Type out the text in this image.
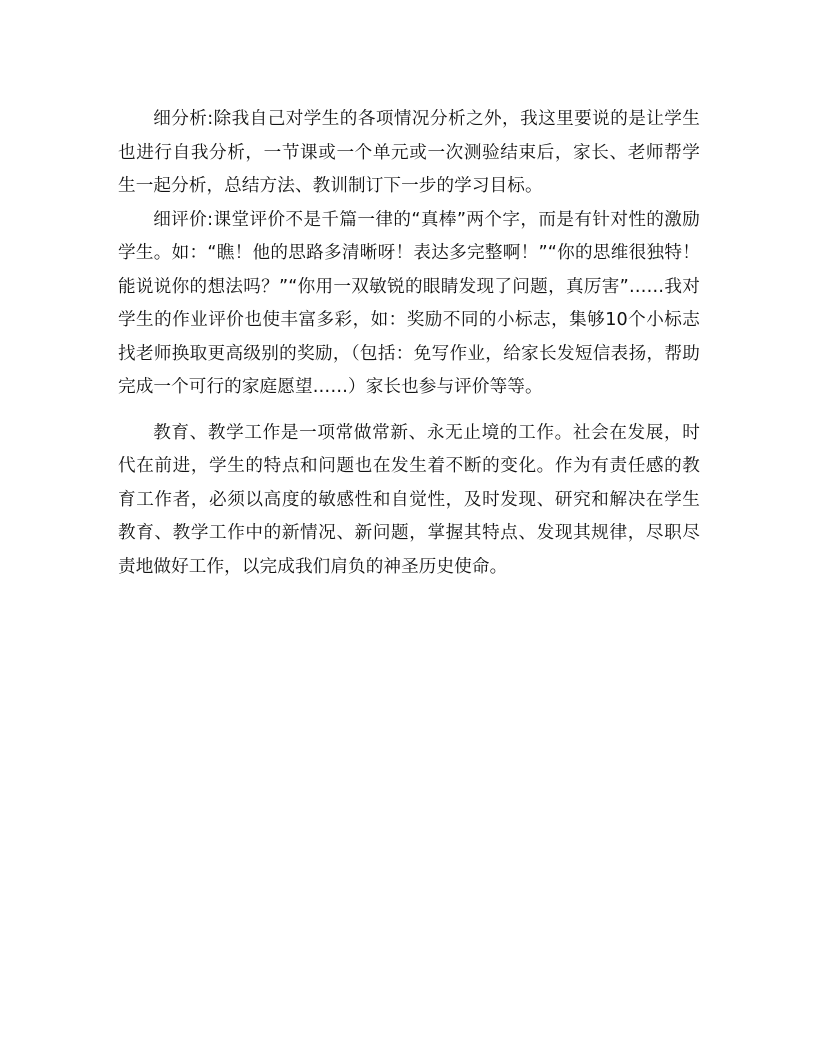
细分析:除我自己对学生的各项情况分析之外，我这里要说的是让学生也进行自我分析，一节课或一个单元或一次测验结束后，家长、老师帮学生一起分析，总结方法、教训制订下一步的学习目标。

细评价:课堂评价不是千篇一律的“真棒”两个字，而是有针对性的激励学生。如：“瞧！他的思路多清晰呀！表达多完整啊！”“你的思维很独特！能说说你的想法吗？”“你用一双敏锐的眼睛发现了问题，真厉害”……我对学生的作业评价也使丰富多彩，如：奖励不同的小标志，集够10个小标志找老师换取更高级别的奖励，（包括：免写作业，给家长发短信表扬，帮助完成一个可行的家庭愿望……）家长也参与评价等等。

教育、教学工作是一项常做常新、永无止境的工作。社会在发展，时代在前进，学生的特点和问题也在发生着不断的变化。作为有责任感的教育工作者，必须以高度的敏感性和自觉性，及时发现、研究和解决在学生教育、教学工作中的新情况、新问题，掌握其特点、发现其规律，尽职尽责地做好工作，以完成我们肩负的神圣历史使命。
